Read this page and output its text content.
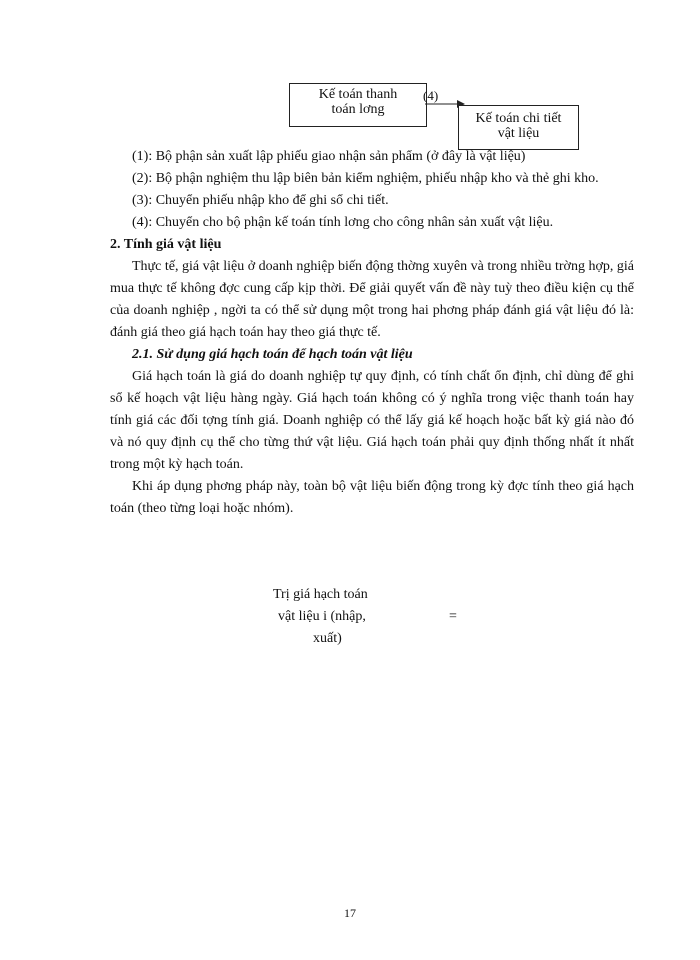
Kế toán thanh
toán lơng
(4)
Kế toán chi tiết
vật liệu

(1): Bộ phận sản xuất lập phiếu giao nhận sản phẩm (ở đây là vật liệu)

(2): Bộ phận nghiệm thu lập biên bản kiểm nghiệm, phiếu nhập kho và thẻ ghi kho.

(3): Chuyển phiếu nhập kho để ghi sổ chi tiết.

(4): Chuyển cho bộ phận kế toán tính lơng cho công nhân sản xuất vật liệu.

2. Tính giá vật liệu

Thực tế, giá vật liệu ở doanh nghiệp biến động thờng xuyên và trong nhiều trờng hợp, giá mua thực tế không đợc cung cấp kịp thời. Để giải quyết vấn đề này tuỳ theo điều kiện cụ thể của doanh nghiệp , ngời ta có thể sử dụng một trong hai phơng pháp đánh giá vật liệu đó là: đánh giá theo giá hạch toán hay theo giá thực tế.

2.1. Sử dụng giá hạch toán để hạch toán vật liệu

Giá hạch toán là giá do doanh nghiệp tự quy định, có tính chất ổn định, chỉ dùng để ghi sổ kế hoạch vật liệu hàng ngày. Giá hạch toán không có ý nghĩa trong việc thanh toán hay tính giá các đối tợng tính giá. Doanh nghiệp có thể lấy giá kế hoạch hoặc bất kỳ giá nào đó và nó quy định cụ thể cho từng thứ vật liệu. Giá hạch toán phải quy định thống nhất ít nhất trong một kỳ hạch toán.

Khi áp dụng phơng pháp này, toàn bộ vật liệu biến động trong kỳ đợc tính theo giá hạch toán (theo từng loại hoặc nhóm).

Trị giá hạch toán
vật liệu i (nhập,
xuất)
=
17
